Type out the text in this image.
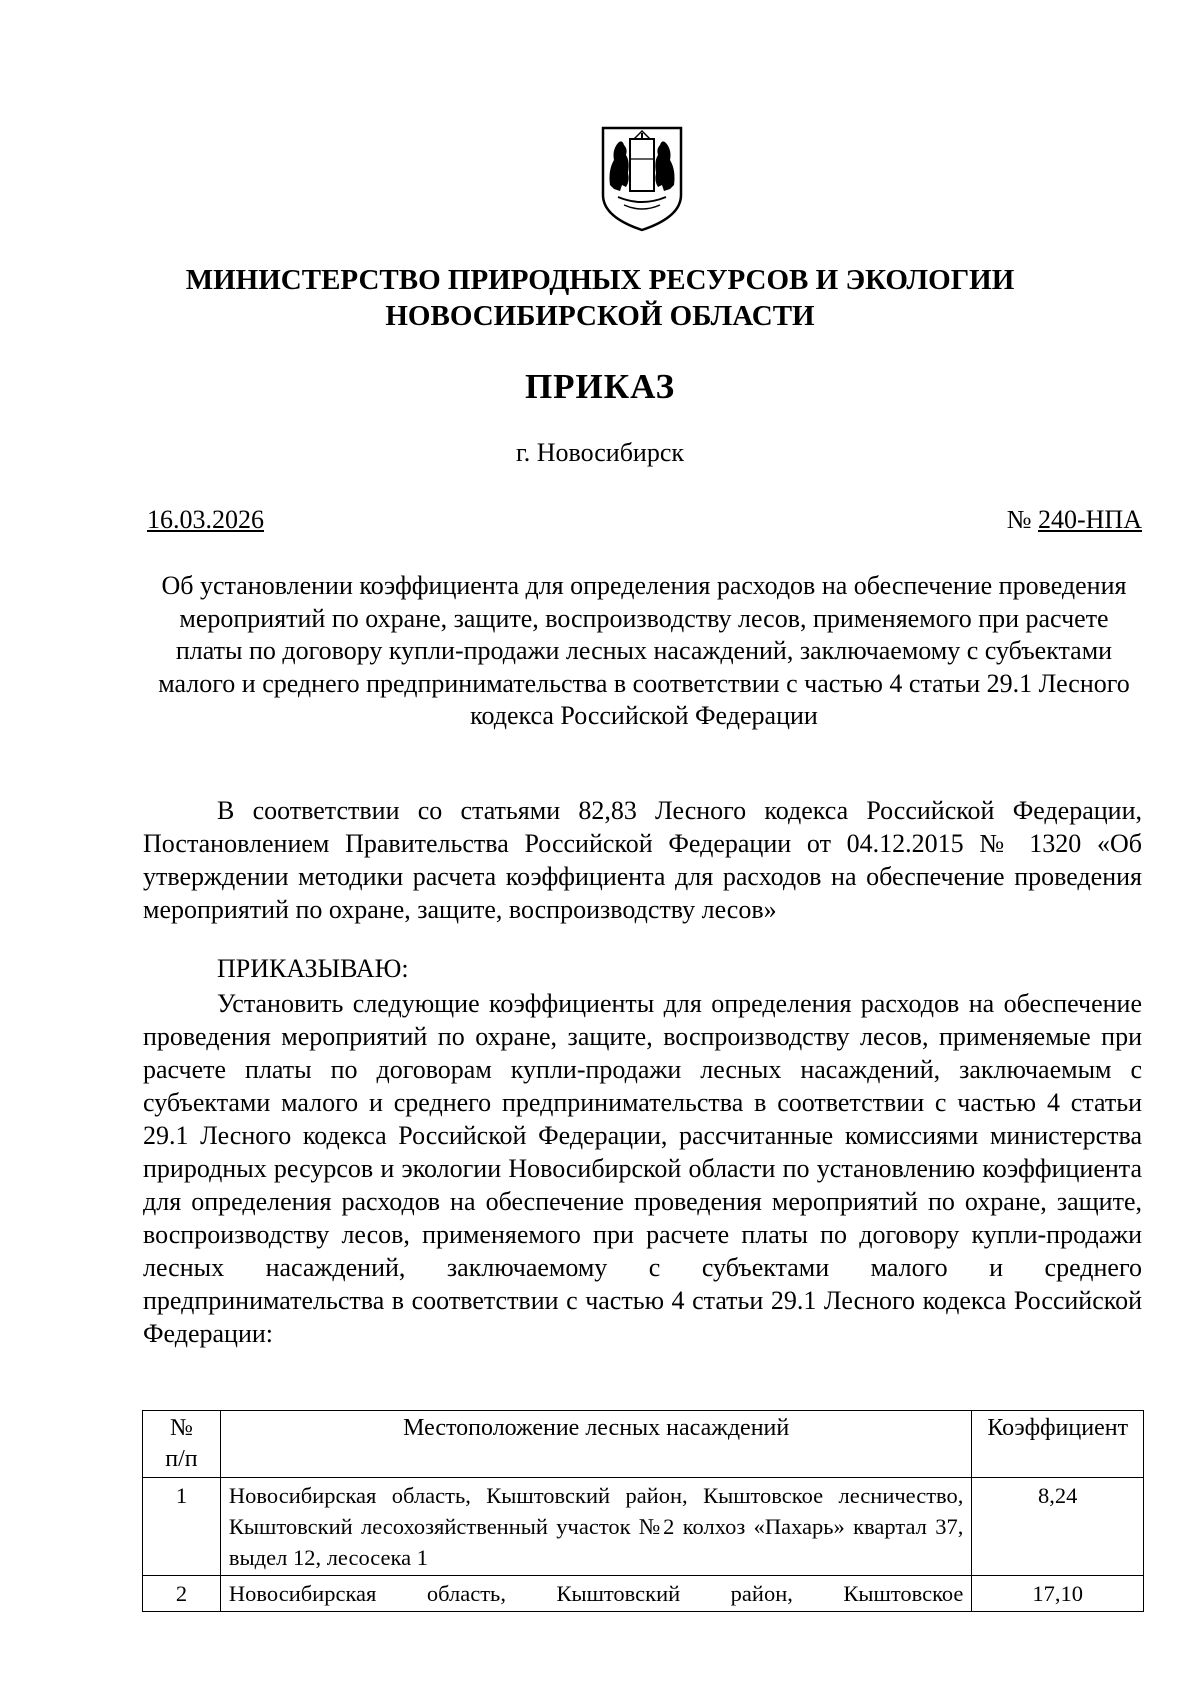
МИНИСТЕРСТВО ПРИРОДНЫХ РЕСУРСОВ И ЭКОЛОГИИ
НОВОСИБИРСКОЙ ОБЛАСТИ
ПРИКАЗ
г. Новосибирск
16.03.2026	№ 240-НПА
Об установлении коэффициента для определения расходов на обеспечение проведения мероприятий по охране, защите, воспроизводству лесов, применяемого при расчете платы по договору купли-продажи лесных насаждений, заключаемому с субъектами малого и среднего предпринимательства в соответствии с частью 4 статьи 29.1 Лесного кодекса Российской Федерации
В соответствии со статьями 82,83 Лесного кодекса Российской Федерации, Постановлением Правительства Российской Федерации от 04.12.2015 № 1320 «Об утверждении методики расчета коэффициента для расходов на обеспечение проведения мероприятий по охране, защите, воспроизводству лесов»
ПРИКАЗЫВАЮ:
Установить следующие коэффициенты для определения расходов на обеспечение проведения мероприятий по охране, защите, воспроизводству лесов, применяемые при расчете платы по договорам купли-продажи лесных насаждений, заключаемым с субъектами малого и среднего предпринимательства в соответствии с частью 4 статьи 29.1 Лесного кодекса Российской Федерации, рассчитанные комиссиями министерства природных ресурсов и экологии Новосибирской области по установлению коэффициента для определения расходов на обеспечение проведения мероприятий по охране, защите, воспроизводству лесов, применяемого при расчете платы по договору купли-продажи лесных насаждений, заключаемому с субъектами малого и среднего предпринимательства в соответствии с частью 4 статьи 29.1 Лесного кодекса Российской Федерации:
№
п/п	Местоположение лесных насаждений	Коэффициент
1	Новосибирская область, Кыштовский район, Кыштовское лесничество, Кыштовский лесохозяйственный участок №2 колхоз «Пахарь» квартал 37, выдел 12, лесосека 1	8,24
2	Новосибирская область, Кыштовский район, Кыштовское	17,10
